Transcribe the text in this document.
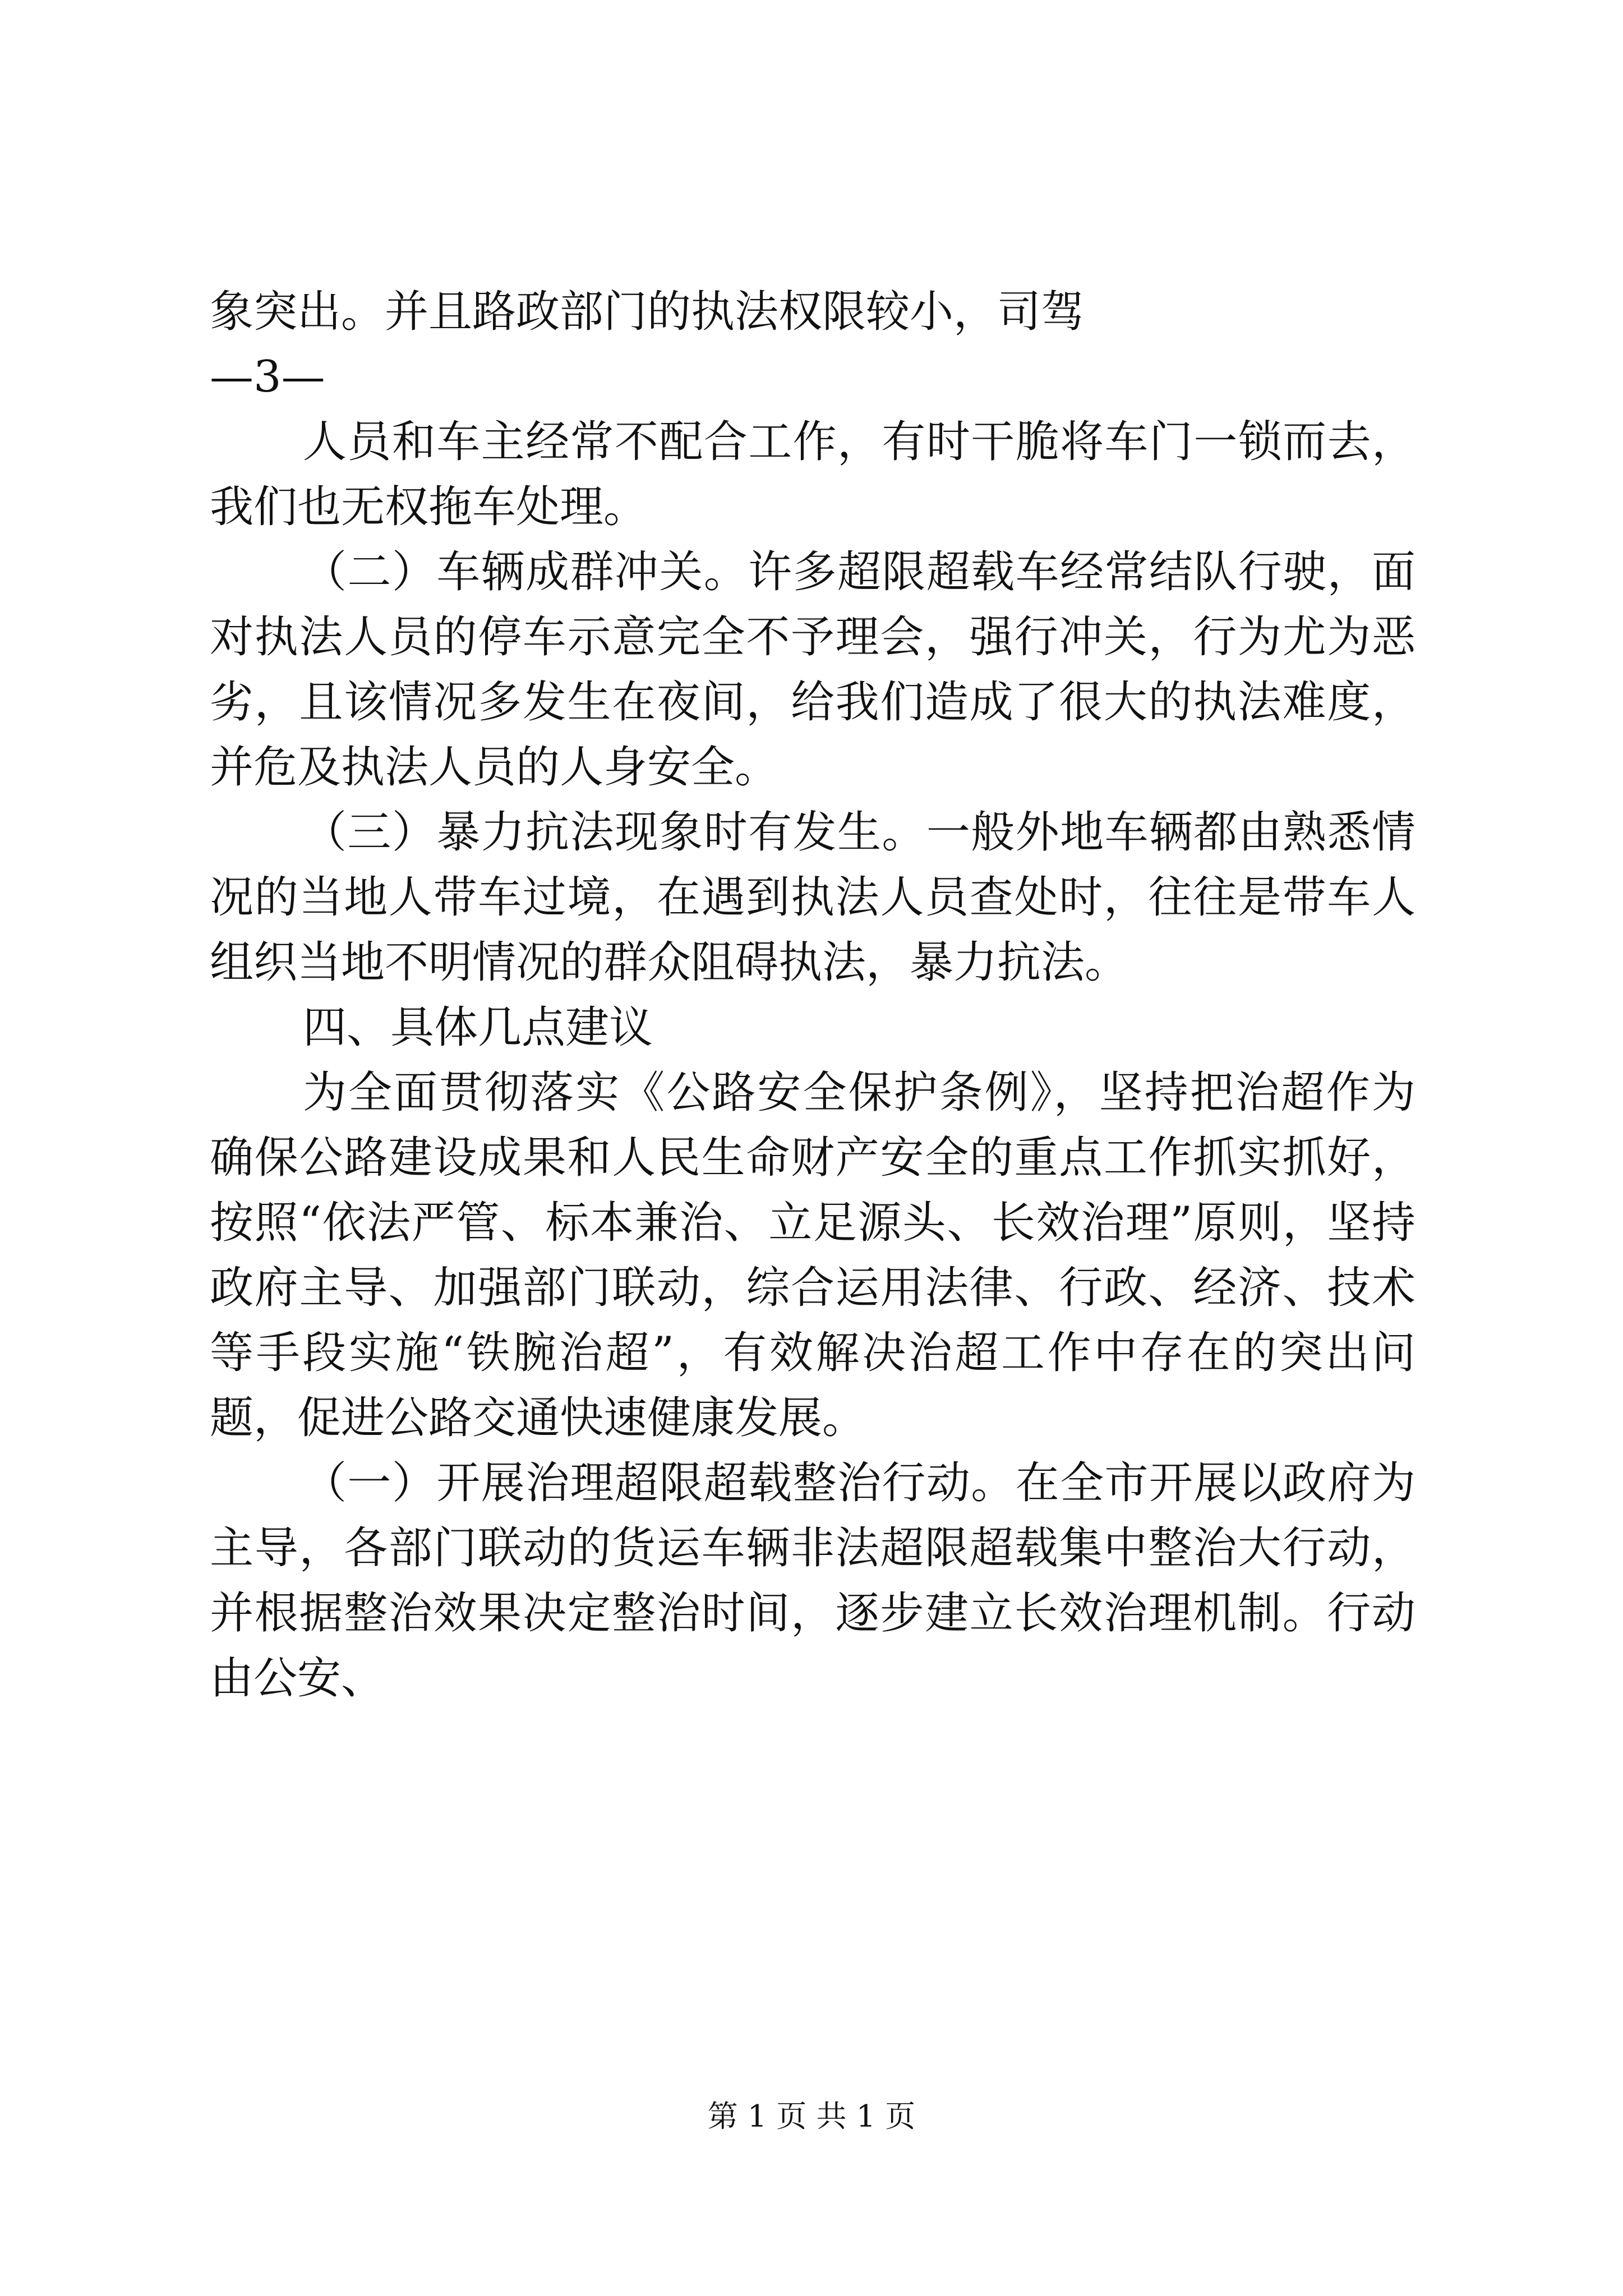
象突出。并且路政部门的执法权限较小，司驾

—3—

人员和车主经常不配合工作，有时干脆将车门一锁而去，我们也无权拖车处理。

（二）车辆成群冲关。许多超限超载车经常结队行驶，面对执法人员的停车示意完全不予理会，强行冲关，行为尤为恶劣，且该情况多发生在夜间，给我们造成了很大的执法难度，并危及执法人员的人身安全。

（三）暴力抗法现象时有发生。一般外地车辆都由熟悉情况的当地人带车过境，在遇到执法人员查处时，往往是带车人组织当地不明情况的群众阻碍执法，暴力抗法。

四、具体几点建议

为全面贯彻落实《公路安全保护条例》，坚持把治超作为确保公路建设成果和人民生命财产安全的重点工作抓实抓好，按照“依法严管、标本兼治、立足源头、长效治理”原则，坚持政府主导、加强部门联动，综合运用法律、行政、经济、技术等手段实施“铁腕治超”，有效解决治超工作中存在的突出问题，促进公路交通快速健康发展。

（一）开展治理超限超载整治行动。在全市开展以政府为主导，各部门联动的货运车辆非法超限超载集中整治大行动，并根据整治效果决定整治时间，逐步建立长效治理机制。行动由公安、

第 1 页 共 1 页
